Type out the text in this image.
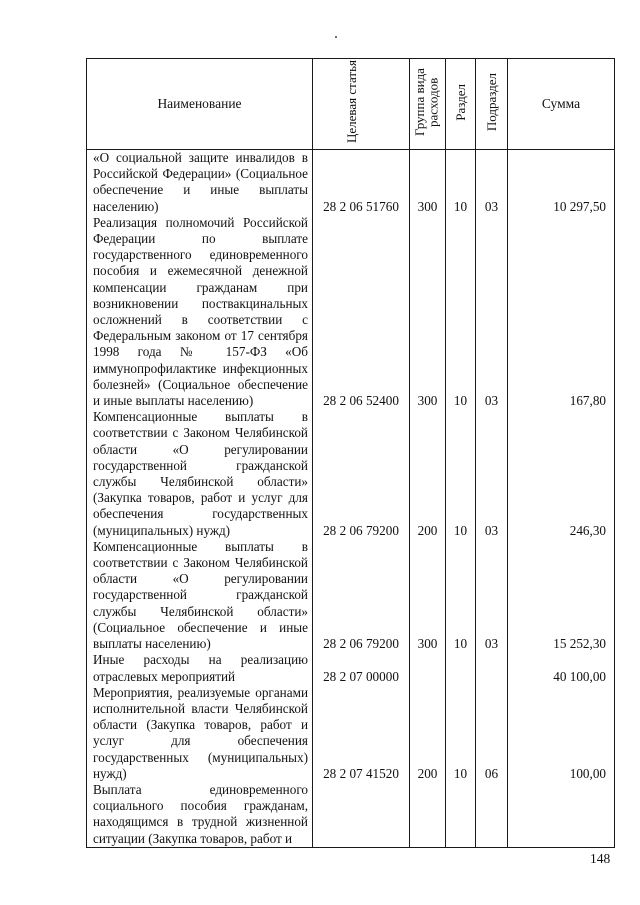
Наименование	Целевая статья	Группа вида расходов	Раздел	Подраздел	Сумма
«О социальной защите инвалидов в Российской Федерации» (Социальное обеспечение и иные выплаты населению)	28 2 06 51760	300	10	03	10 297,50
Реализация полномочий Российской Федерации по выплате государственного единовременного пособия и ежемесячной денежной компенсации гражданам при возникновении поствакцинальных осложнений в соответствии с Федеральным законом от 17 сентября 1998 года № 157-ФЗ «Об иммунопрофилактике инфекционных болезней» (Социальное обеспечение и иные выплаты населению)	28 2 06 52400	300	10	03	167,80
Компенсационные выплаты в соответствии с Законом Челябинской области «О регулировании государственной гражданской службы Челябинской области» (Закупка товаров, работ и услуг для обеспечения государственных (муниципальных) нужд)	28 2 06 79200	200	10	03	246,30
Компенсационные выплаты в соответствии с Законом Челябинской области «О регулировании государственной гражданской службы Челябинской области» (Социальное обеспечение и иные выплаты населению)	28 2 06 79200	300	10	03	15 252,30
Иные расходы на реализацию отраслевых мероприятий	28 2 07 00000				40 100,00
Мероприятия, реализуемые органами исполнительной власти Челябинской области (Закупка товаров, работ и услуг для обеспечения государственных (муниципальных) нужд)	28 2 07 41520	200	10	06	100,00
Выплата единовременного социального пособия гражданам, находящимся в трудной жизненной ситуации (Закупка товаров, работ и					
148
